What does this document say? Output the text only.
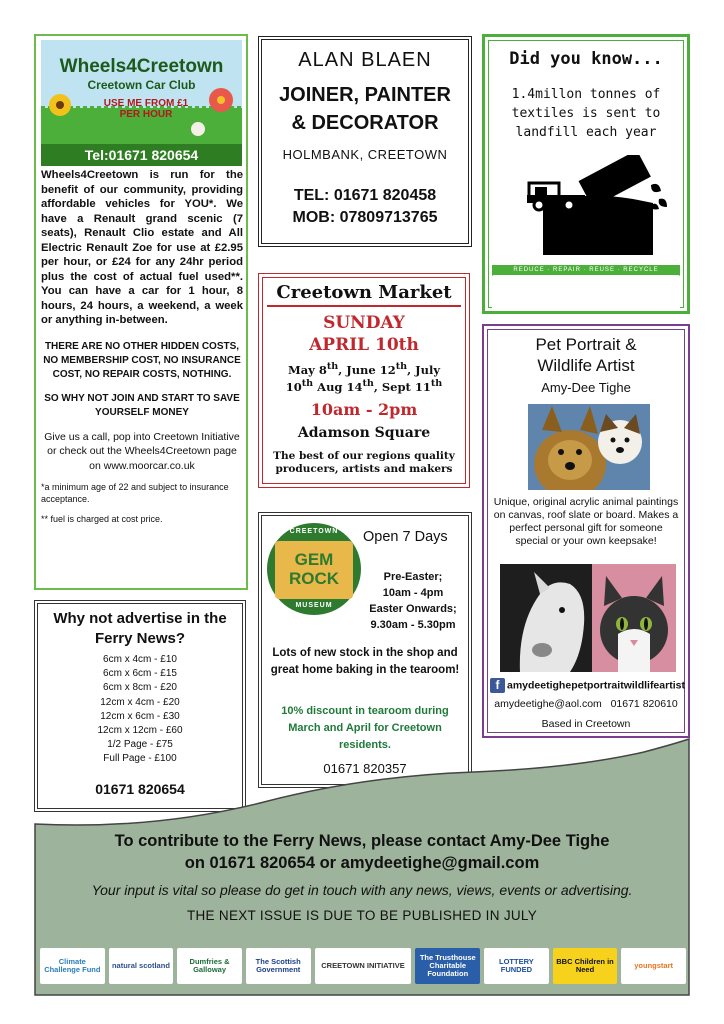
Wheels4Creetown
Creetown Car Club
USE ME FROM £1 PER HOUR
Tel:01671 820654
Wheels4Creetown is run for the benefit of our community, providing affordable vehicles for YOU*. We have a Renault grand scenic (7 seats), Renault Clio estate and All Electric Renault Zoe for use at £2.95 per hour, or £24 for any 24hr period plus the cost of actual fuel used**. You can have a car for 1 hour, 8 hours, 24 hours, a weekend, a week or anything in-between.
THERE ARE NO OTHER HIDDEN COSTS, NO MEMBERSHIP COST, NO INSURANCE COST, NO REPAIR COSTS, NOTHING.
SO WHY NOT JOIN AND START TO SAVE YOURSELF MONEY
Give us a call, pop into Creetown Initiative or check out the Wheels4Creetown page on www.moorcar.co.uk
*a minimum age of 22 and subject to insurance acceptance.
** fuel is charged at cost price.
Why not advertise in the Ferry News?
6cm x 4cm - £10
6cm x 6cm - £15
6cm x 8cm - £20
12cm x 4cm - £20
12cm x 6cm - £30
12cm x 12cm - £60
1/2 Page - £75
Full Page - £100
01671 820654
ALAN BLAEN
JOINER, PAINTER
& DECORATOR
HOLMBANK, CREETOWN
TEL: 01671 820458
MOB: 07809713765
Creetown Market
SUNDAY
APRIL 10th
May 8th, June 12th, July
10th Aug 14th, Sept 11th
10am - 2pm
Adamson Square
The best of our regions quality producers, artists and makers
CREETOWN
GEM
ROCK
MUSEUM
Open 7 Days
Pre-Easter;
10am - 4pm
Easter Onwards;
9.30am - 5.30pm
Lots of new stock in the shop and great home baking in the tearoom!
10% discount in tearoom during March and April for Creetown residents.
01671 820357
Did you know...
1.4millon tonnes of textiles is sent to landfill each year
REDUCE · REPAIR · REUSE · RECYCLE
REuse Matters
Pet Portrait &
Wildlife Artist
Amy-Dee Tighe
Unique, original acrylic animal paintings on canvas, roof slate or board. Makes a perfect personal gift for someone special or your own keepsake!
f amydeetighepetportraitwildlifeartist
amydeetighe@aol.com 01671 820610
Based in Creetown
To contribute to the Ferry News, please contact Amy-Dee Tighe
on 01671 820654 or amydeetighe@gmail.com
Your input is vital so please do get in touch with any news, views, events or advertising.
THE NEXT ISSUE IS DUE TO BE PUBLISHED IN JULY
Climate Challenge Fund	natural scotland	Dumfries & Galloway
The Scottish Government	CREETOWN INITIATIVE
The Trusthouse Charitable Foundation
LOTTERY FUNDED
BBC Children in Need	youngstart
